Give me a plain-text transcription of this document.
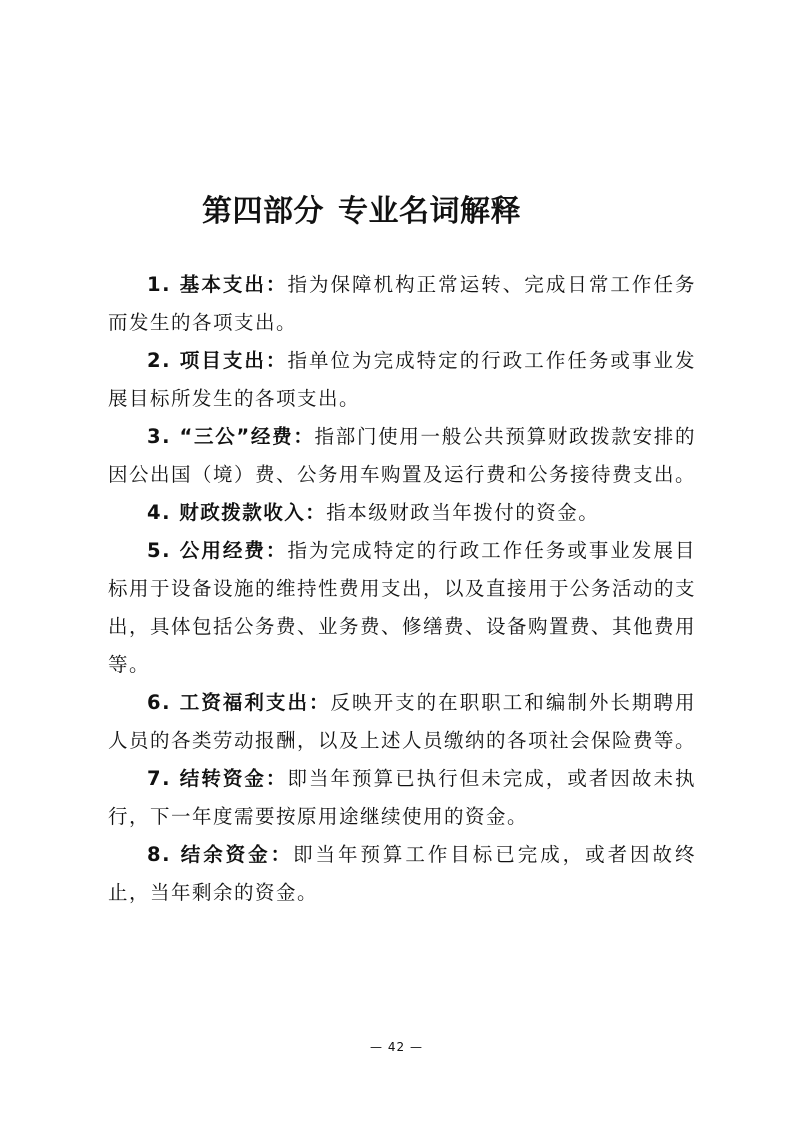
第四部分 专业名词解释

1. 基本支出：指为保障机构正常运转、完成日常工作任务而发生的各项支出。

2. 项目支出：指单位为完成特定的行政工作任务或事业发展目标所发生的各项支出。

3. “三公”经费：指部门使用一般公共预算财政拨款安排的因公出国（境）费、公务用车购置及运行费和公务接待费支出。

4. 财政拨款收入：指本级财政当年拨付的资金。

5. 公用经费：指为完成特定的行政工作任务或事业发展目标用于设备设施的维持性费用支出，以及直接用于公务活动的支出，具体包括公务费、业务费、修缮费、设备购置费、其他费用等。

6. 工资福利支出：反映开支的在职职工和编制外长期聘用人员的各类劳动报酬，以及上述人员缴纳的各项社会保险费等。

7. 结转资金：即当年预算已执行但未完成，或者因故未执行，下一年度需要按原用途继续使用的资金。

8. 结余资金：即当年预算工作目标已完成，或者因故终止，当年剩余的资金。

— 42 —
